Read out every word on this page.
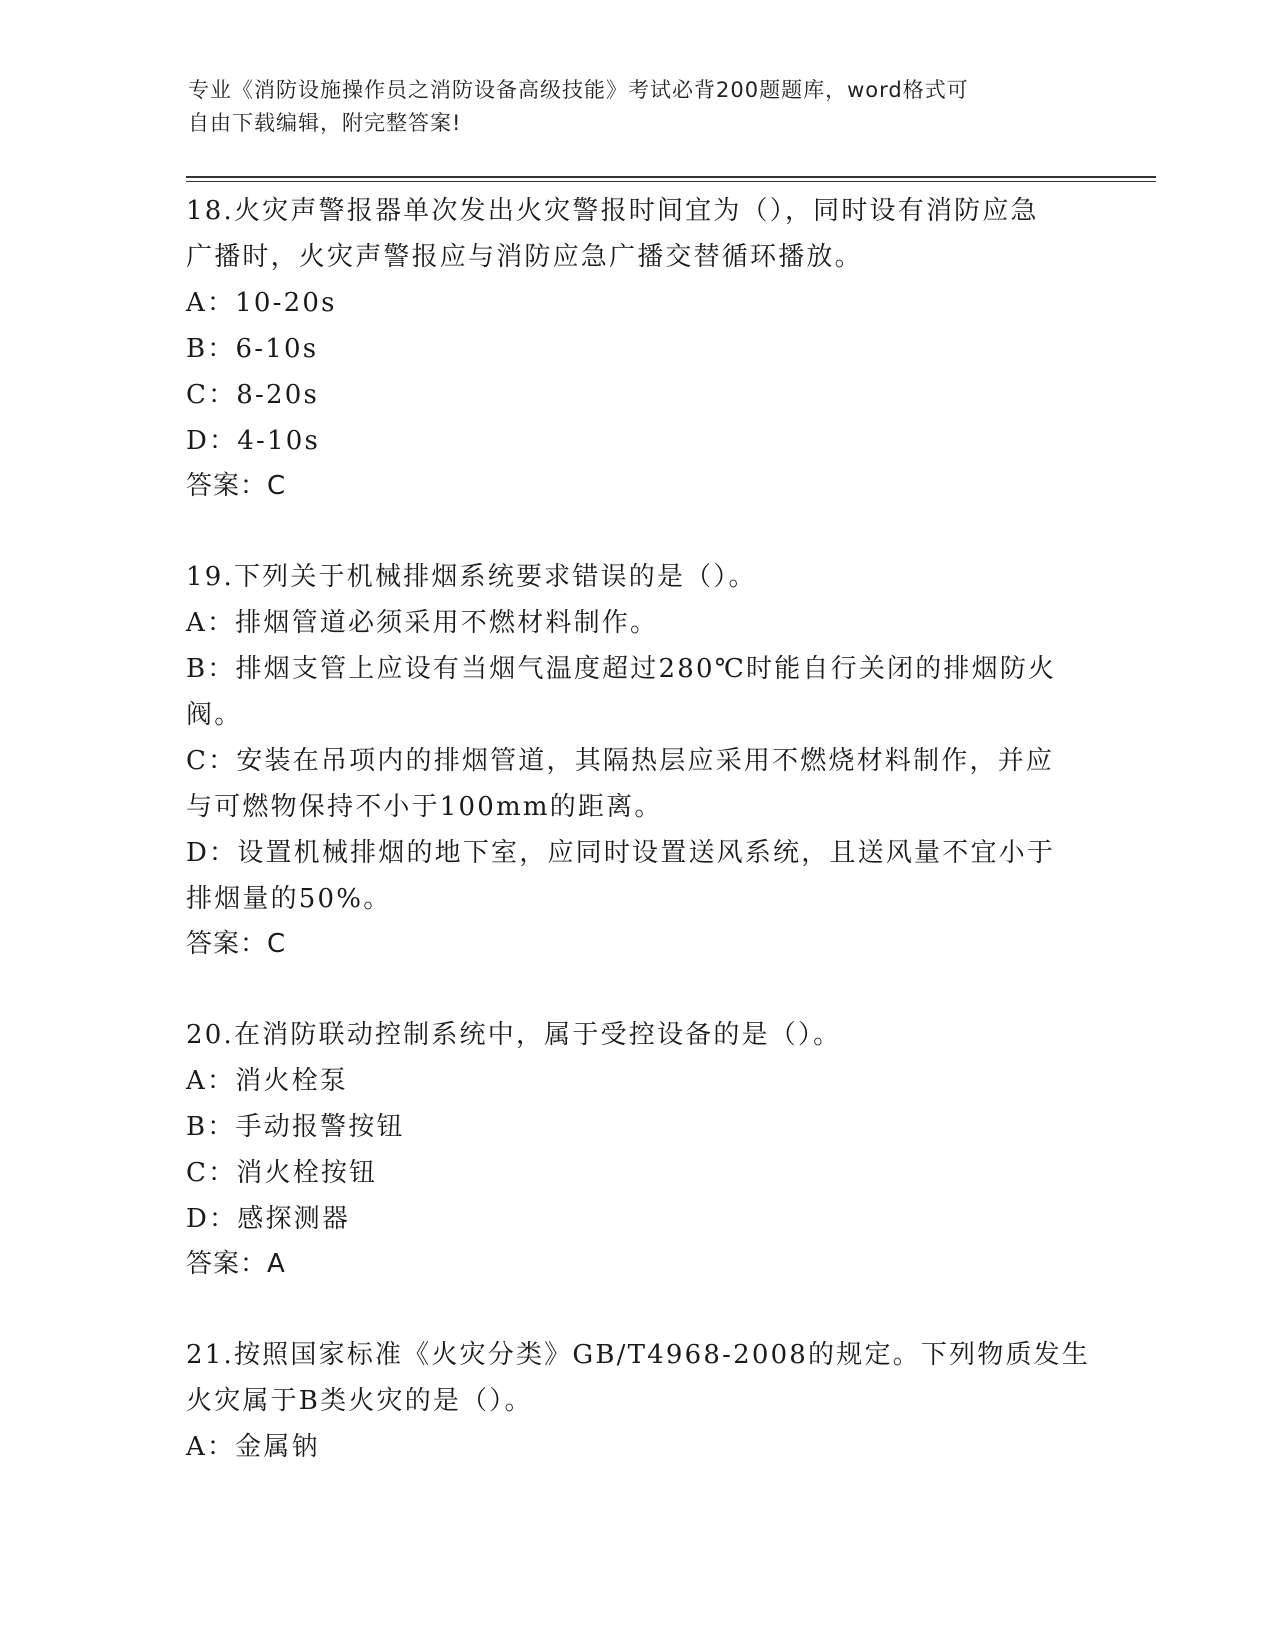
专业《消防设施操作员之消防设备高级技能》考试必背200题题库，word格式可
自由下载编辑，附完整答案!
18.火灾声警报器单次发出火灾警报时间宜为（），同时设有消防应急
广播时，火灾声警报应与消防应急广播交替循环播放。
A：10-20s
B：6-10s
C：8-20s
D：4-10s
答案：C
19.下列关于机械排烟系统要求错误的是（）。
A：排烟管道必须采用不燃材料制作。
B：排烟支管上应设有当烟气温度超过280℃时能自行关闭的排烟防火
阀。
C：安装在吊项内的排烟管道，其隔热层应采用不燃烧材料制作，并应
与可燃物保持不小于100mm的距离。
D：设置机械排烟的地下室，应同时设置送风系统，且送风量不宜小于
排烟量的50%。
答案：C
20.在消防联动控制系统中，属于受控设备的是（）。
A：消火栓泵
B：手动报警按钮
C：消火栓按钮
D：感探测器
答案：A
21.按照国家标准《火灾分类》GB/T4968-2008的规定。下列物质发生
火灾属于B类火灾的是（）。
A：金属钠
